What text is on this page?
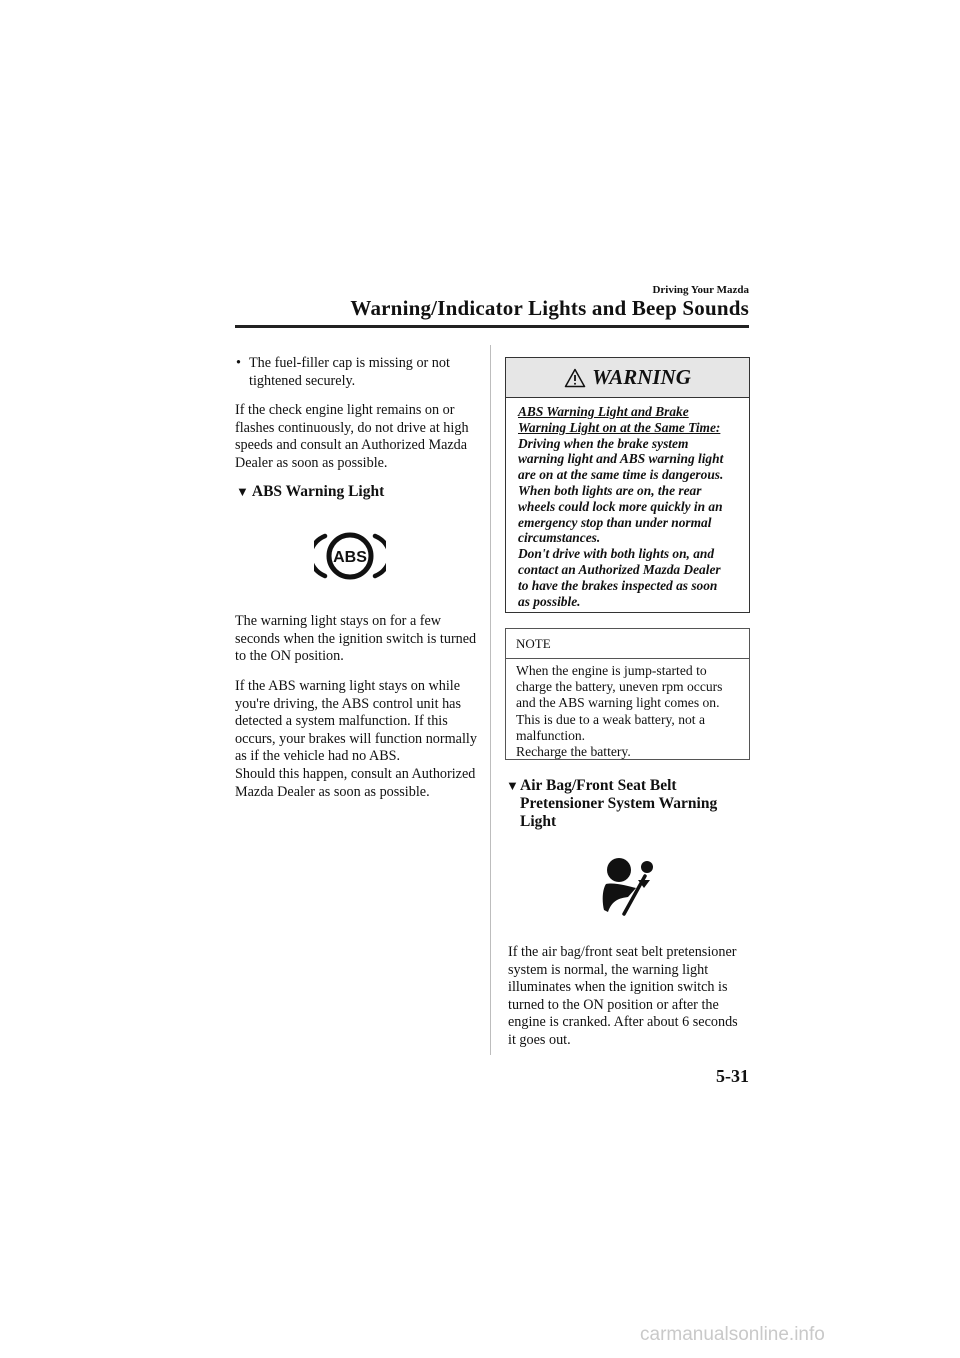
Driving Your Mazda
Warning/Indicator Lights and Beep Sounds
• The fuel-filler cap is missing or not
tightened securely.
If the check engine light remains on or
flashes continuously, do not drive at high
speeds and consult an Authorized Mazda
Dealer as soon as possible.
▼ ABS Warning Light
ABS
The warning light stays on for a few
seconds when the ignition switch is turned
to the ON position.
If the ABS warning light stays on while
you're driving, the ABS control unit has
detected a system malfunction. If this
occurs, your brakes will function normally
as if the vehicle had no ABS.
Should this happen, consult an Authorized
Mazda Dealer as soon as possible.
WARNING
ABS Warning Light and Brake
Warning Light on at the Same Time:
Driving when the brake system
warning light and ABS warning light
are on at the same time is dangerous.
When both lights are on, the rear
wheels could lock more quickly in an
emergency stop than under normal
circumstances.
Don't drive with both lights on, and
contact an Authorized Mazda Dealer
to have the brakes inspected as soon
as possible.
NOTE
When the engine is jump-started to
charge the battery, uneven rpm occurs
and the ABS warning light comes on.
This is due to a weak battery, not a
malfunction.
Recharge the battery.
▼ Air Bag/Front Seat Belt
Pretensioner System Warning
Light
If the air bag/front seat belt pretensioner
system is normal, the warning light
illuminates when the ignition switch is
turned to the ON position or after the
engine is cranked. After about 6 seconds
it goes out.
5-31
carmanualsonline.info
